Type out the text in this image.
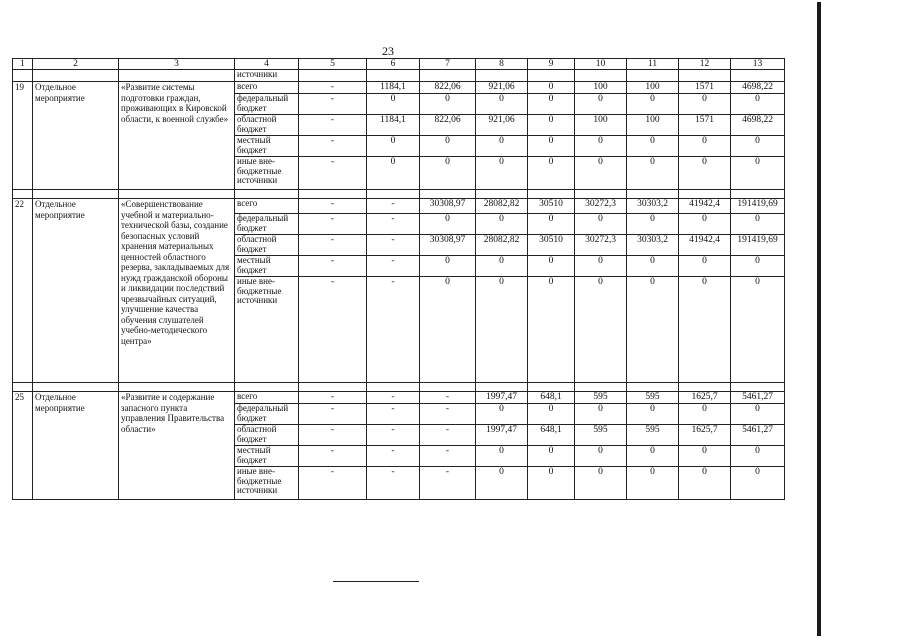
23
1	2	3	4	5	6	7	8	9	10	11	12	13
			источники									
19	Отдельное мероприятие	«Развитие системы подготовки граждан, проживающих в Кировской области, к военной службе»	всего	-	1184,1	822,06	921,06	0	100	100	1571	4698,22
			федеральный бюджет	-	0	0	0	0	0	0	0	0
			областной бюджет	-	1184,1	822,06	921,06	0	100	100	1571	4698,22
			местный бюджет	-	0	0	0	0	0	0	0	0
			иные вне-бюджетные источники	-	0	0	0	0	0	0	0	0

22	Отдельное мероприятие	«Совершенствование учебной и материально-технической базы, создание безопасных условий хранения материальных ценностей областного резерва, закладываемых для нужд гражданской обороны и ликвидации последствий чрезвычайных ситуаций, улучшение качества обучения слушателей учебно-методического центра»	всего	-	-	30308,97	28082,82	30510	30272,3	30303,2	41942,4	191419,69
			федеральный бюджет	-	-	0	0	0	0	0	0	0
			областной бюджет	-	-	30308,97	28082,82	30510	30272,3	30303,2	41942,4	191419,69
			местный бюджет	-	-	0	0	0	0	0	0	0
			иные вне-бюджетные источники	-	-	0	0	0	0	0	0	0

25	Отдельное мероприятие	«Развитие и содержание запасного пункта управления Правительства области»	всего	-	-	-	1997,47	648,1	595	595	1625,7	5461,27
			федеральный бюджет	-	-	-	0	0	0	0	0	0
			областной бюджет	-	-	-	1997,47	648,1	595	595	1625,7	5461,27
			местный бюджет	-	-	-	0	0	0	0	0	0
			иные вне-бюджетные источники	-	-	-	0	0	0	0	0	0
